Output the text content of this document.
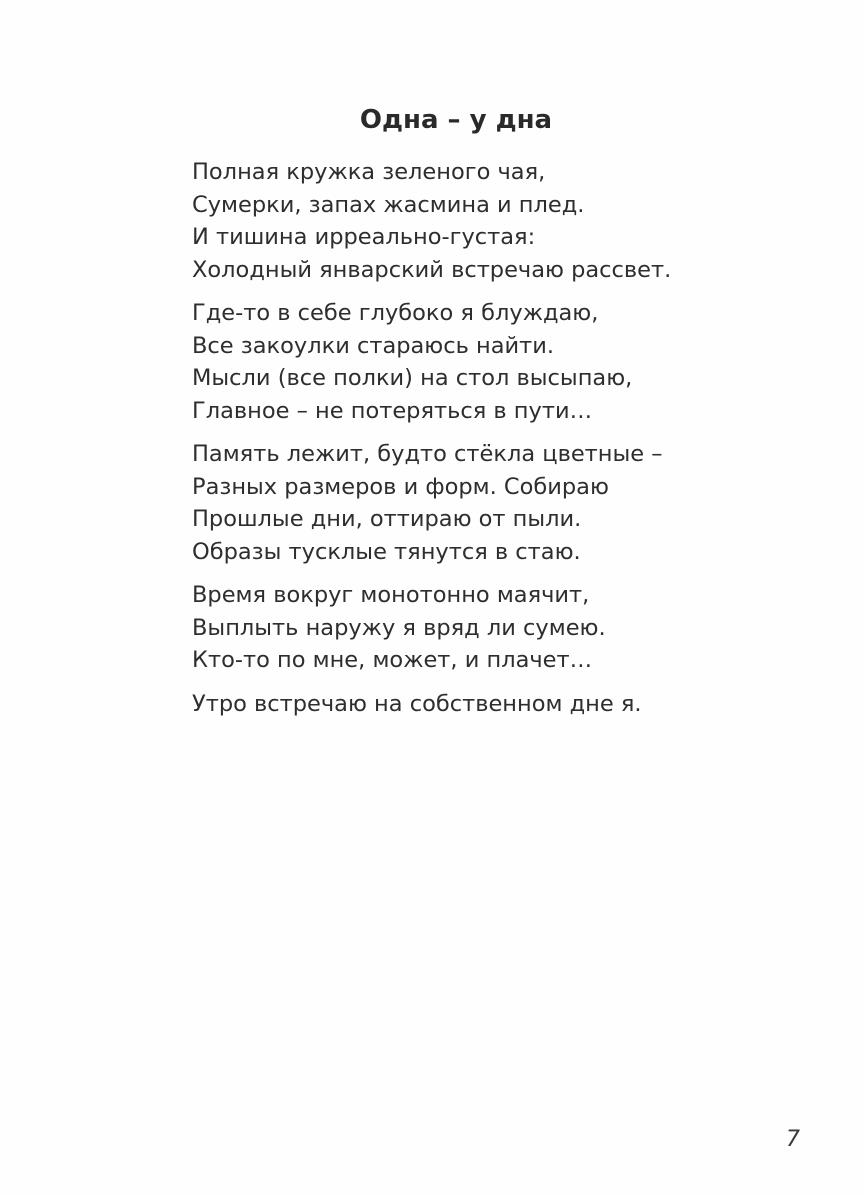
Одна – у дна
Полная кружка зеленого чая,
Сумерки, запах жасмина и плед.
И тишина ирреально-густая:
Холодный январский встречаю рассвет.
Где-то в себе глубоко я блуждаю,
Все закоулки стараюсь найти.
Мысли (все полки) на стол высыпаю,
Главное – не потеряться в пути…
Память лежит, будто стёкла цветные –
Разных размеров и форм. Собираю
Прошлые дни, оттираю от пыли.
Образы тусклые тянутся в стаю.
Время вокруг монотонно маячит,
Выплыть наружу я вряд ли сумею.
Кто-то по мне, может, и плачет…
Утро встречаю на собственном дне я.
7
